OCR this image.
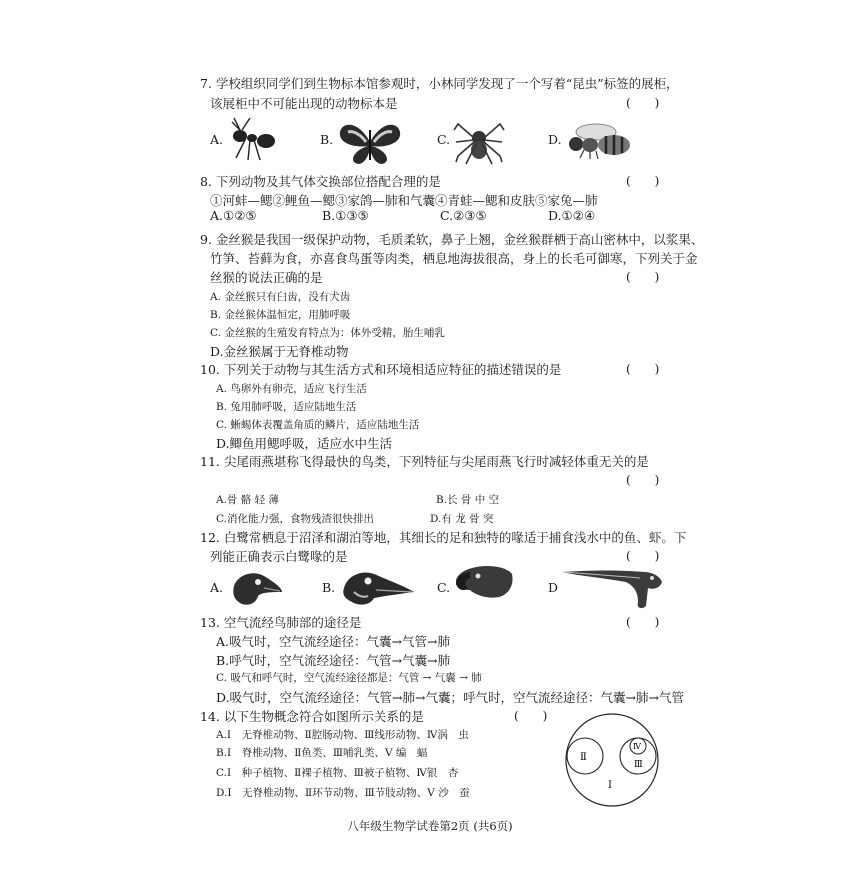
7. 学校组织同学们到生物标本馆参观时，小林同学发现了一个写着“昆虫”标签的展柜，
(　　)
该展柜中不可能出现的动物标本是
A.	B.	C.	D.
8. 下列动物及其气体交换部位搭配合理的是	(　　)
①河蚌—鳃②鲤鱼—鳃③家鸽—肺和气囊④青蛙—鳃和皮肤⑤家兔—肺
A.①②⑤	B.①③⑤	C.②③⑤	D.①②④
9. 金丝猴是我国一级保护动物，毛质柔软，鼻子上翘，金丝猴群栖于高山密林中，以浆果、
竹笋、苔藓为食，亦喜食鸟蛋等肉类，栖息地海拔很高，身上的长毛可御寒，下列关于金
丝猴的说法正确的是	(　　)
A. 金丝猴只有臼齿，没有犬齿
B. 金丝猴体温恒定，用肺呼吸
C. 金丝猴的生殖发育特点为：体外受精，胎生哺乳
D.金丝猴属于无脊椎动物
10. 下列关于动物与其生活方式和环境相适应特征的描述错误的是	(　　)
A. 鸟卵外有卵壳，适应飞行生活
B. 兔用肺呼吸，适应陆地生活
C. 蜥蜴体表覆盖角质的鳞片，适应陆地生活
D.鲫鱼用鳃呼吸，适应水中生活
11. 尖尾雨燕堪称飞得最快的鸟类，下列特征与尖尾雨燕飞行时减轻体重无关的是
(　　)
A.骨 骼 轻 薄	B.长 骨 中 空
C.消化能力强，食物残渣很快排出	D.有 龙 骨 突
12. 白鹭常栖息于沼泽和湖泊等地，其细长的足和独特的喙适于捕食浅水中的鱼、虾。下
列能正确表示白鹭喙的是	(　　)
A.	B.	C.	D
13. 空气流经鸟肺部的途径是	(　　)
A.吸气时，空气流经途径：气囊→气管→肺
B.呼气时，空气流经途径：气管→气囊→肺
C. 吸气和呼气时，空气流经途径都是：气管 → 气囊 → 肺
D.吸气时，空气流经途径：气管→肺→气囊；呼气时，空气流经途径：气囊→肺→气管
14. 以下生物概念符合如图所示关系的是	(　　)
A.Ⅰ　无脊椎动物、Ⅱ腔肠动物、Ⅲ线形动物、Ⅳ涡　虫
B.Ⅰ　脊椎动物、Ⅱ鱼类、Ⅲ哺乳类、Ⅴ 编　蝠
C.Ⅰ　种子植物、Ⅱ裸子植物、Ⅲ被子植物、Ⅳ银　杏
D.Ⅰ　无脊椎动物、Ⅱ环节动物、Ⅲ节肢动物、Ⅴ 沙　蚕
Ⅱ
Ⅲ
Ⅳ
Ⅰ
八年级生物学试卷第2页 (共6页)
